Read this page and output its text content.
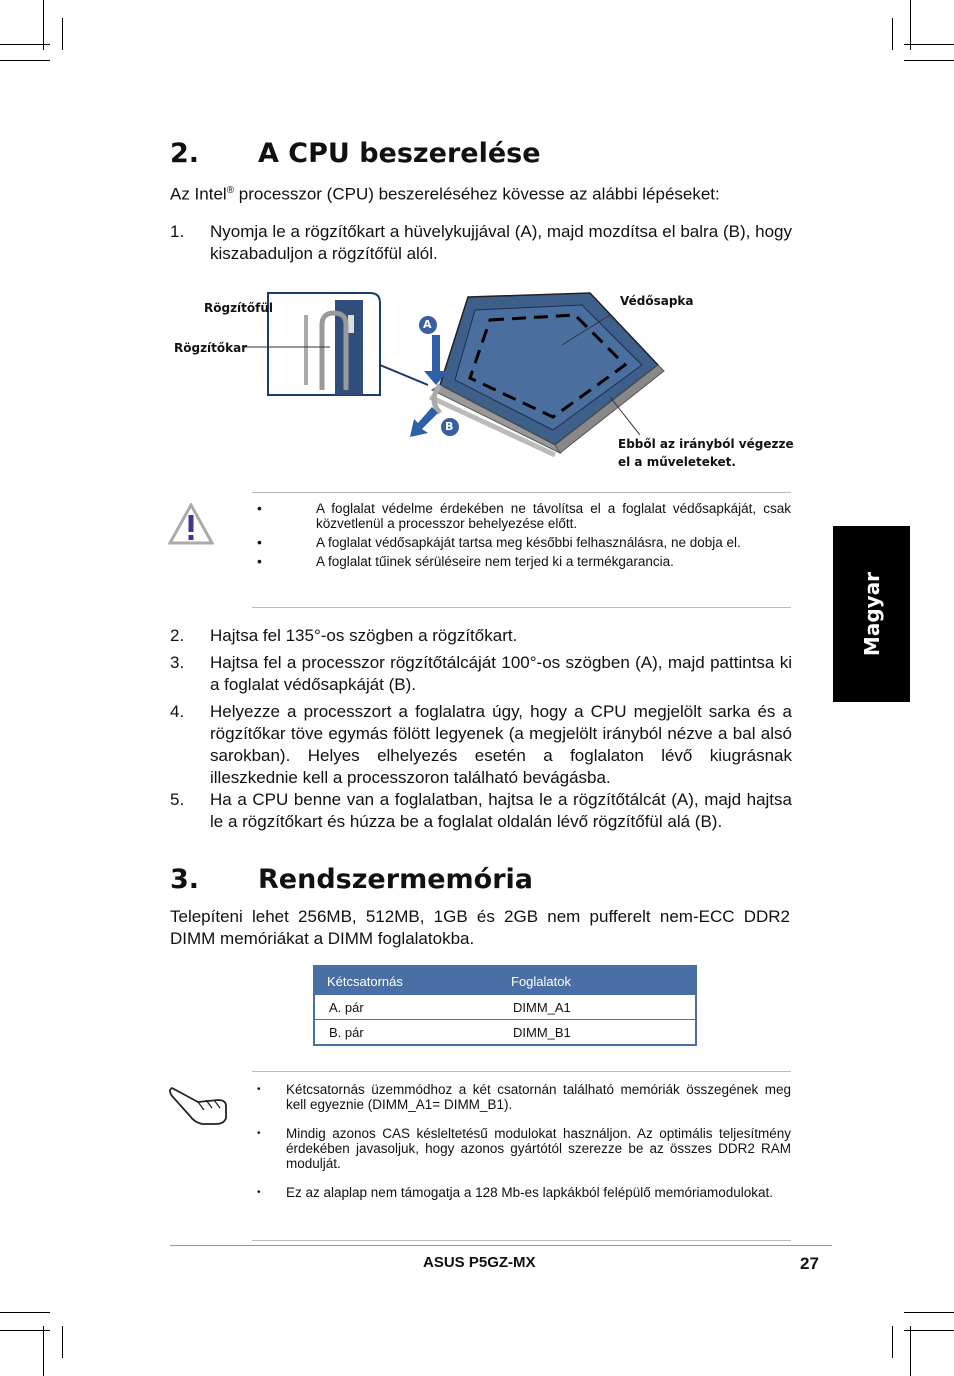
2. A CPU beszerelése
Az Intel® processzor (CPU) beszereléséhez kövesse az alábbi lépéseket:
1. Nyomja le a rögzítőkart a hüvelykujjával (A), majd mozdítsa el balra (B), hogy kiszabaduljon a rögzítőfül alól.
Rögzítőfül
Rögzítőkar
Védősapka
Ebből az irányból végezze
el a műveleteket.
A
B
•	A foglalat védelme érdekében ne távolítsa el a foglalat védősapkáját, csak közvetlenül a processzor behelyezése előtt.
•	A foglalat védősapkáját tartsa meg későbbi felhasználásra, ne dobja el.
•	A foglalat tűinek sérüléseire nem terjed ki a termékgarancia.
2. Hajtsa fel 135°-os szögben a rögzítőkart.
3. Hajtsa fel a processzor rögzítőtálcáját 100°-os szögben (A), majd pattintsa ki a foglalat védősapkáját (B).
4. Helyezze a processzort a foglalatra úgy, hogy a CPU megjelölt sarka és a rögzítőkar töve egymás fölött legyenek (a megjelölt irányból nézve a bal alsó sarokban). Helyes elhelyezés esetén a foglalaton lévő kiugrásnak illeszkednie kell a processzoron található bevágásba.
5. Ha a CPU benne van a foglalatban, hajtsa le a rögzítőtálcát (A), majd hajtsa le a rögzítőkart és húzza be a foglalat oldalán lévő rögzítőfül alá (B).
3. Rendszermemória
Telepíteni lehet 256MB, 512MB, 1GB és 2GB nem pufferelt nem-ECC DDR2 DIMM memóriákat a DIMM foglalatokba.
Kétcsatornás	Foglalatok
A. pár	DIMM_A1
B. pár	DIMM_B1
• Kétcsatornás üzemmódhoz a két csatornán található memóriák összegének meg kell egyeznie (DIMM_A1= DIMM_B1).
• Mindig azonos CAS késleltetésű modulokat használjon. Az optimális teljesítmény érdekében javasoljuk, hogy azonos gyártótól szerezze be az összes DDR2 RAM modulját.
• Ez az alaplap nem támogatja a 128 Mb-es lapkákból felépülő memóriamodulokat.
Magyar
ASUS P5GZ-MX	27
